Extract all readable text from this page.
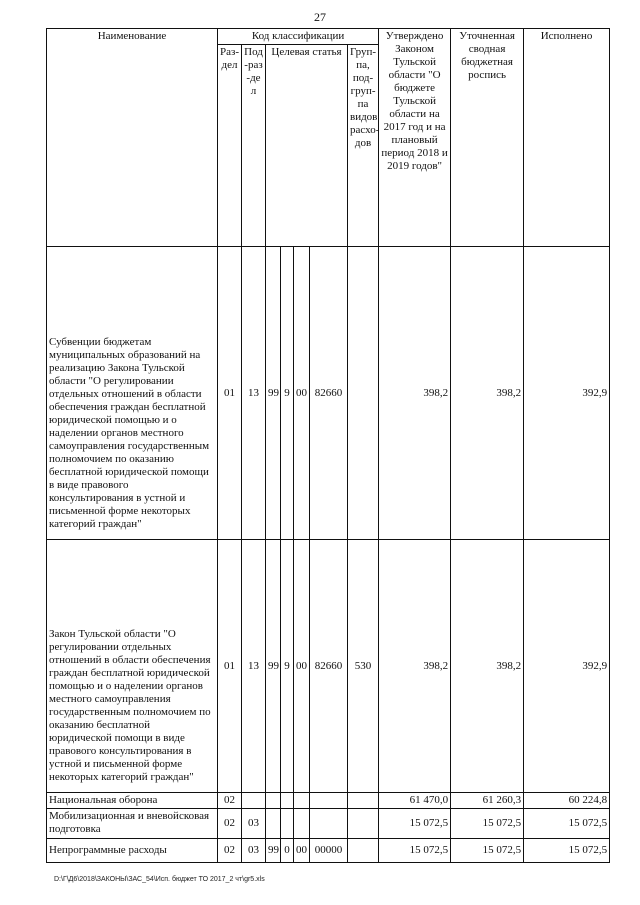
27
Наименование	Код классификации							Утверждено Законом Тульской области "О бюджете Тульской области на 2017 год и на плановый период 2018 и 2019 годов"	Уточненная сводная бюджетная роспись	Исполнено
	Раз-дел	Под-раз-дел	Целевая статья				Груп-па, под-груп-па видов расхо-дов			
Субвенции бюджетам муниципальных образований на реализацию Закона Тульской области "О регулировании отдельных отношений в области обеспечения граждан бесплатной юридической помощью и о наделении органов местного самоуправления государственным полномочием по оказанию бесплатной юридической помощи в виде правового консультирования в устной и письменной форме некоторых категорий граждан"	01	13	99	9	00	82660		398,2	398,2	392,9
Закон Тульской области "О регулировании отдельных отношений в области обеспечения граждан бесплатной юридической помощью и о наделении органов местного самоуправления государственным полномочием по оказанию бесплатной юридической помощи в виде правового консультирования в устной и письменной форме некоторых категорий граждан"	01	13	99	9	00	82660	530	398,2	398,2	392,9
Национальная оборона	02							61 470,0	61 260,3	60 224,8
Мобилизационная и вневойсковая подготовка	02	03						15 072,5	15 072,5	15 072,5
Непрограммные расходы	02	03	99	0	00	00000		15 072,5	15 072,5	15 072,5
D:\Г\Д6\2018\ЗАКОНЫ\ЗАС_54\Исп. бюджет ТО 2017_2 чт\gr5.xls
